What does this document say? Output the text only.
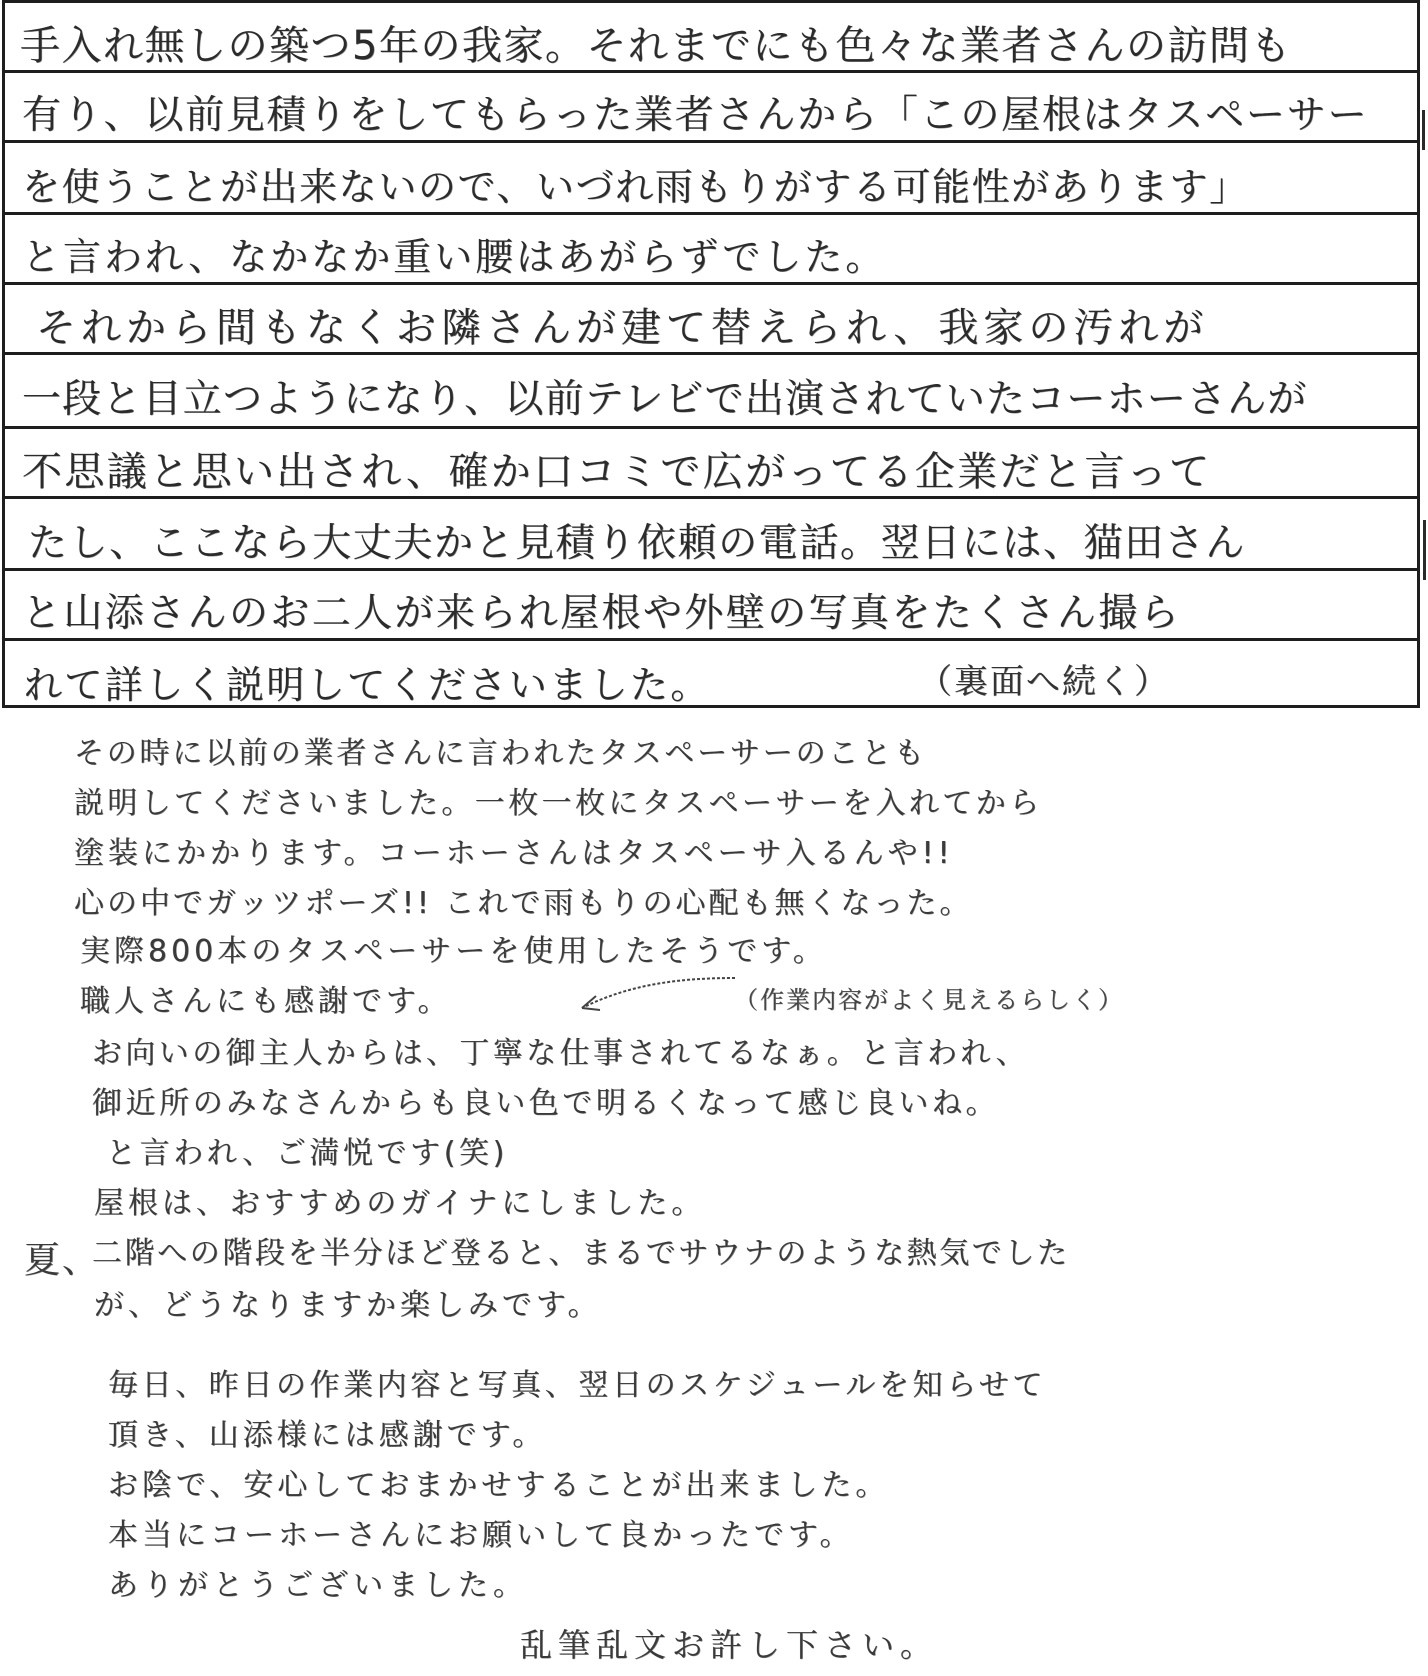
手入れ無しの築つ5年の我家。それまでにも色々な業者さんの訪問も
有り、以前見積りをしてもらった業者さんから「この屋根はタスペーサー
を使うことが出来ないので、いづれ雨もりがする可能性があります」
と言われ、なかなか重い腰はあがらずでした。
それから間もなくお隣さんが建て替えられ、我家の汚れが
一段と目立つようになり、以前テレビで出演されていたコーホーさんが
不思議と思い出され、確か口コミで広がってる企業だと言って
たし、ここなら大丈夫かと見積り依頼の電話。翌日には、猫田さん
と山添さんのお二人が来られ屋根や外壁の写真をたくさん撮ら
れて詳しく説明してくださいました。	（裏面へ続く）
その時に以前の業者さんに言われたタスペーサーのことも
説明してくださいました。一枚一枚にタスペーサーを入れてから
塗装にかかります。コーホーさんはタスペーサ入るんや!!
心の中でガッツポーズ!! これで雨もりの心配も無くなった。
実際800本のタスペーサーを使用したそうです。
職人さんにも感謝です。	（作業内容がよく見えるらしく）
お向いの御主人からは、丁寧な仕事されてるなぁ。と言われ、
御近所のみなさんからも良い色で明るくなって感じ良いね。
と言われ、ご満悦です(笑)
屋根は、おすすめのガイナにしました。
夏、
二階への階段を半分ほど登ると、まるでサウナのような熱気でした
が、どうなりますか楽しみです。
毎日、昨日の作業内容と写真、翌日のスケジュールを知らせて
頂き、山添様には感謝です。
お陰で、安心しておまかせすることが出来ました。
本当にコーホーさんにお願いして良かったです。
ありがとうございました。
乱筆乱文お許し下さい。
